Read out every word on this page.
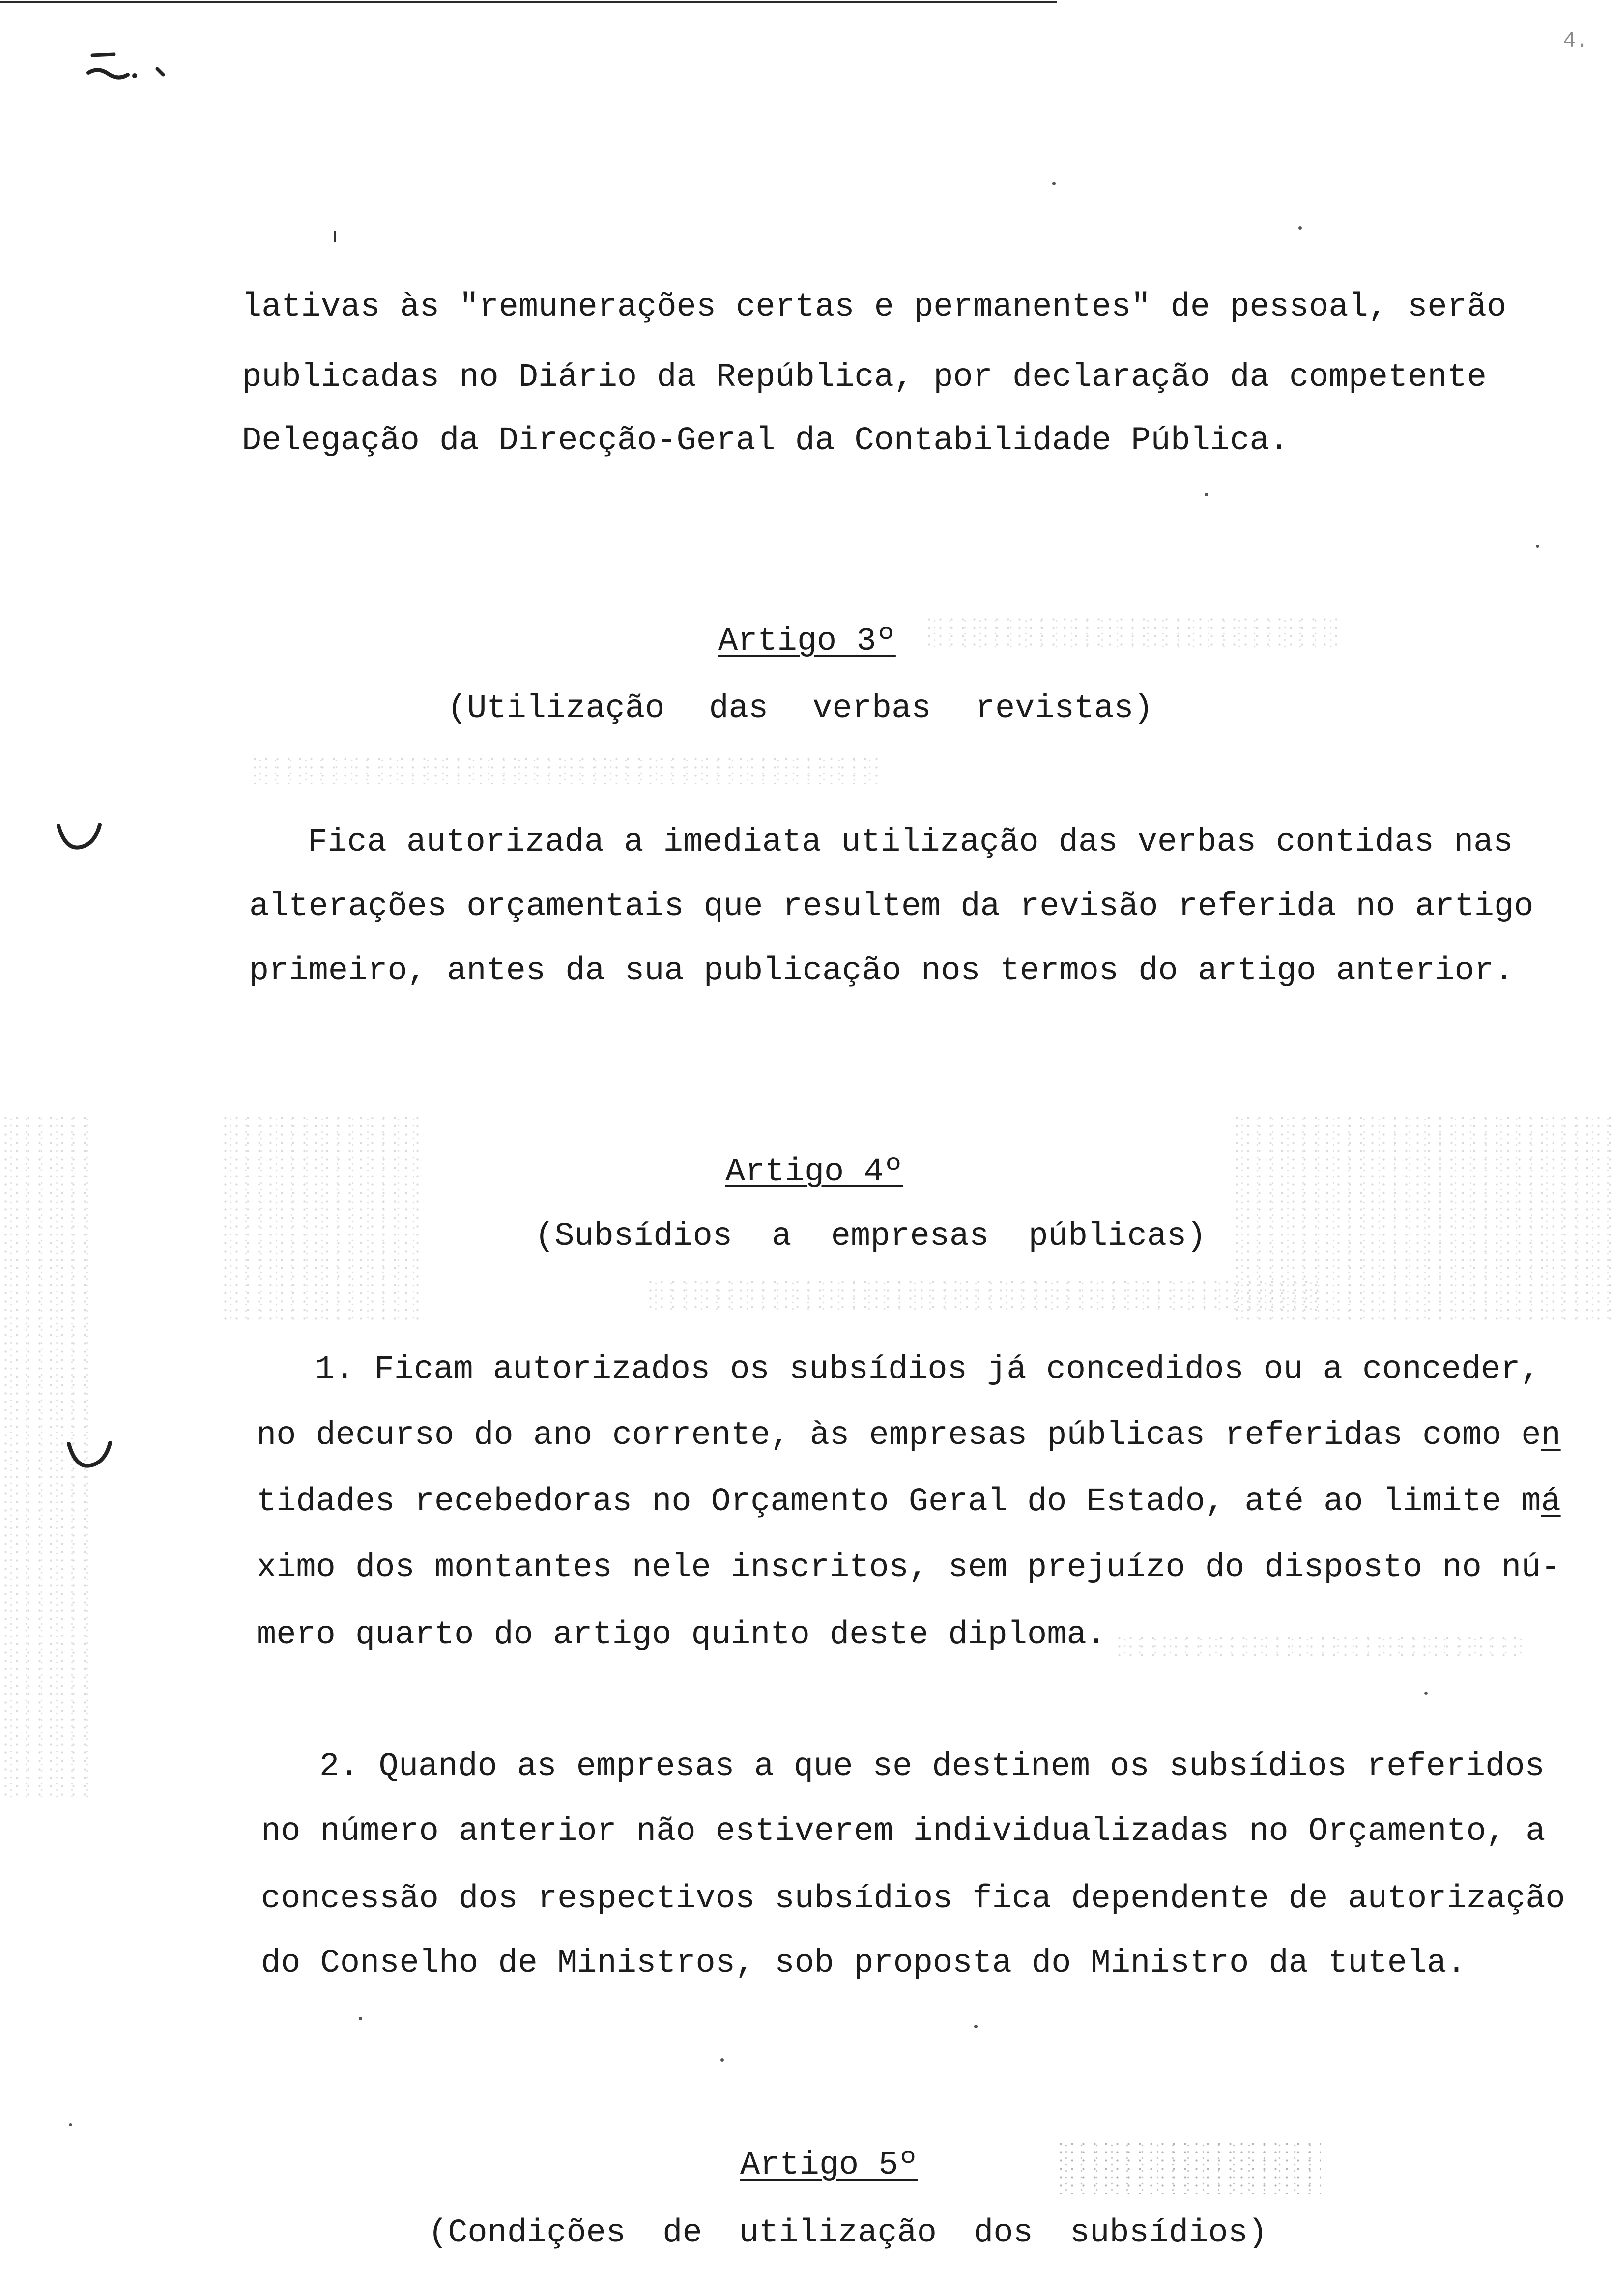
4.
lativas às "remunerações certas e permanentes" de pessoal, serão
publicadas no Diário da República, por declaração da competente
Delegação da Direcção-Geral da Contabilidade Pública.
Artigo 3º
(Utilização das verbas revistas)
Fica autorizada a imediata utilização das verbas contidas nas
alterações orçamentais que resultem da revisão referida no artigo
primeiro, antes da sua publicação nos termos do artigo anterior.
Artigo 4º
(Subsídios a empresas públicas)
1. Ficam autorizados os subsídios já concedidos ou a conceder,
no decurso do ano corrente, às empresas públicas referidas como en
tidades recebedoras no Orçamento Geral do Estado, até ao limite má
ximo dos montantes nele inscritos, sem prejuízo do disposto no nú-
mero quarto do artigo quinto deste diploma.
2. Quando as empresas a que se destinem os subsídios referidos
no número anterior não estiverem individualizadas no Orçamento, a
concessão dos respectivos subsídios fica dependente de autorização
do Conselho de Ministros, sob proposta do Ministro da tutela.
Artigo 5º
(Condições de utilização dos subsídios)
